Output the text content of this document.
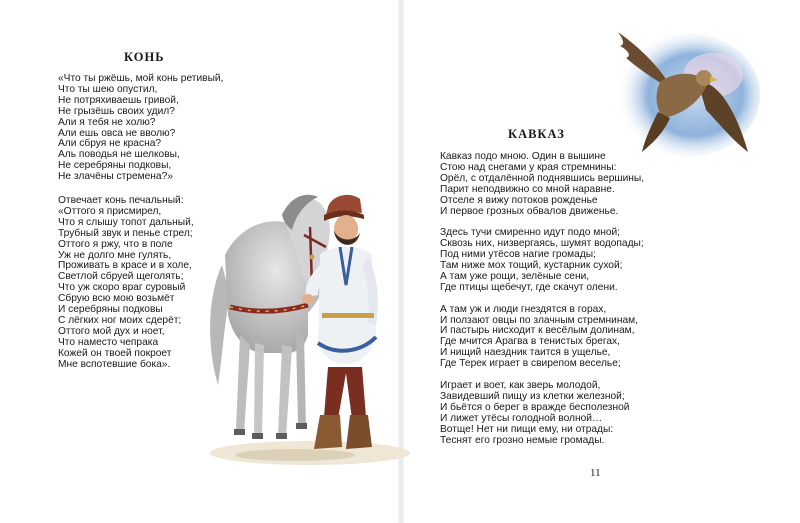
КОНЬ
«Что ты ржёшь, мой конь ретивый,
Что ты шею опустил,
Не потряхиваешь гривой,
Не грызёшь своих удил?
Али я тебя не холю?
Али ешь овса не вволю?
Али сбруя не красна?
Аль поводья не шелковы,
Не серебряны подковы,
Не злачёны стремена?»
Отвечает конь печальный:
«Оттого я присмирел,
Что я слышу топот дальный,
Трубный звук и пенье стрел;
Оттого я ржу, что в поле
Уж не долго мне гулять,
Проживать в красе и в холе,
Светлой сбруей щеголять;
Что уж скоро враг суровый
Сбрую всю мою возьмёт
И серебряны подковы
С лёгких ног моих сдерёт;
Оттого мой дух и ноет,
Что наместо чепрака
Кожей он твоей покроет
Мне вспотевшие бока».
КАВКАЗ
Кавказ подо мною. Один в вышине
Стою над снегами у края стремнины:
Орёл, с отдалённой поднявшись вершины,
Парит неподвижно со мной наравне.
Отселе я вижу потоков рожденье
И первое грозных обвалов движенье.
Здесь тучи смиренно идут подо мной;
Сквозь них, низвергаясь, шумят водопады;
Под ними утёсов нагие громады;
Там ниже мох тощий, кустарник сухой;
А там уже рощи, зелёные сени,
Где птицы щебечут, где скачут олени.
А там уж и люди гнездятся в горах,
И ползают овцы по злачным стремнинам,
И пастырь нисходит к весёлым долинам,
Где мчится Арагва в тенистых брегах,
И нищий наездник таится в ущелье,
Где Терек играет в свирепом веселье;
Играет и воет, как зверь молодой,
Завидевший пищу из клетки железной;
И бьётся о берег в вражде бесполезной
И лижет утёсы голодной волной…
Вотще! Нет ни пищи ему, ни отрады:
Теснят его грозно немые громады.
11
